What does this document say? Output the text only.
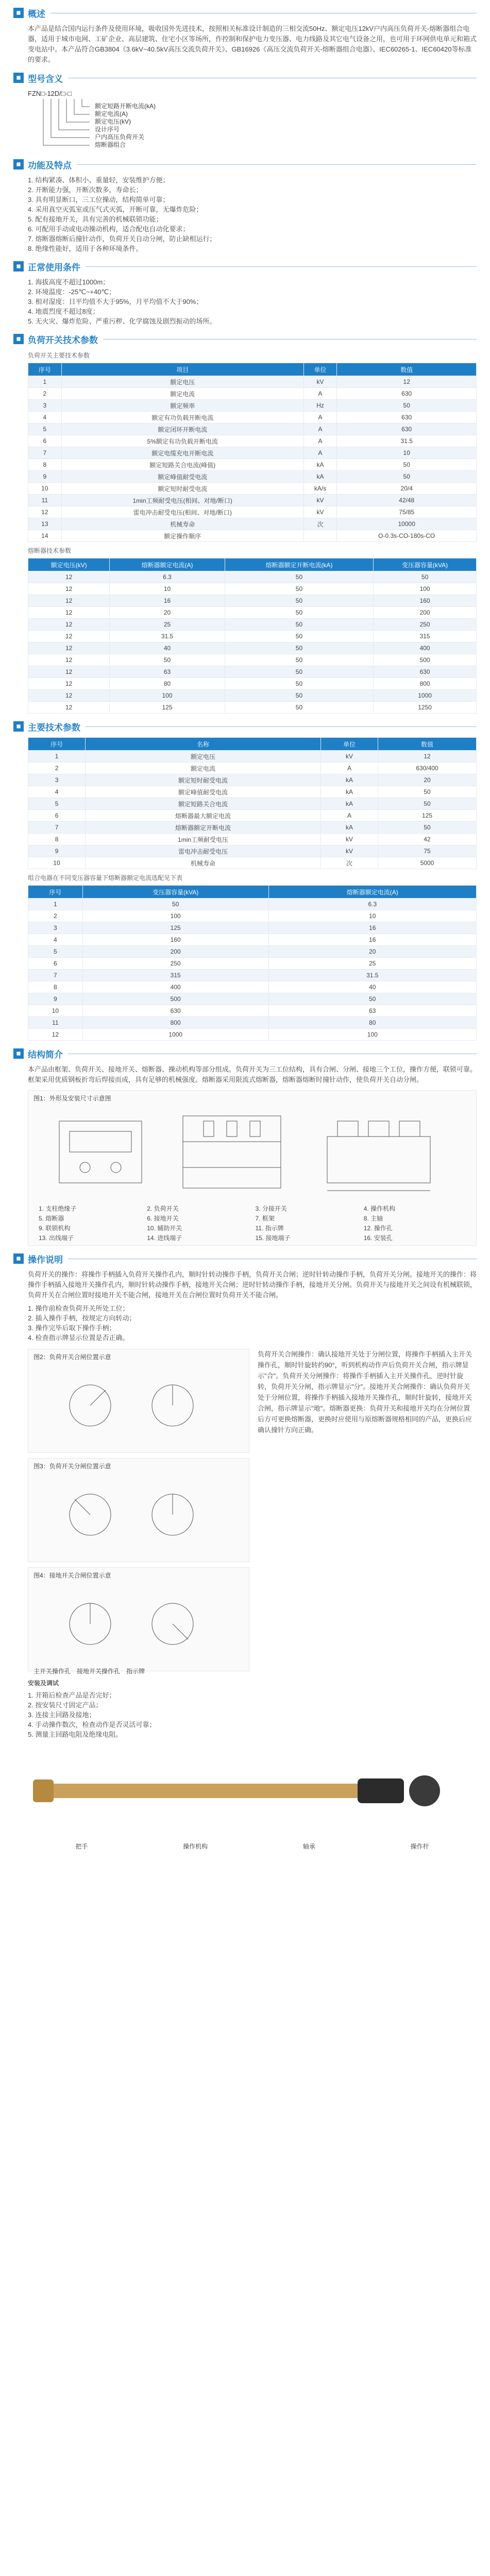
概述
本产品是结合国内运行条件及使用环境，吸收国外先进技术，按照相关标准设计制造的三相交流50Hz、额定电压12kV户内高压负荷开关-熔断器组合电器，适用于城市电网、工矿企业、高层建筑、住宅小区等场所，作控制和保护电力变压器、电力线路及其它电气设备之用，也可用于环网供电单元和箱式变电站中。本产品符合GB3804《3.6kV~40.5kV高压交流负荷开关》、GB16926《高压交流负荷开关-熔断器组合电器》、IEC60265-1、IEC60420等标准的要求。
型号含义
FZN□-12D/□-□
额定短路开断电流(kA)
额定电流(A)
额定电压(kV)
设计序号
户内高压负荷开关
熔断器组合
功能及特点
1. 结构紧凑、体积小、重量轻，安装维护方便；
2. 开断能力强，开断次数多，寿命长；
3. 具有明显断口，三工位操动，结构简单可靠；
4. 采用真空灭弧室或压气式灭弧，开断可靠，无爆炸危险；
5. 配有接地开关，具有完善的机械联锁功能；
6. 可配用手动或电动操动机构，适合配电自动化要求；
7. 熔断器熔断后撞针动作，负荷开关自动分闸，防止缺相运行；
8. 绝缘性能好，适用于各种环境条件。
正常使用条件
1. 海拔高度不超过1000m；
2. 环境温度：-25℃~+40℃；
3. 相对湿度：日平均值不大于95%，月平均值不大于90%；
4. 地震烈度不超过8度；
5. 无火灾、爆炸危险、严重污秽、化学腐蚀及剧烈振动的场所。
负荷开关技术参数
负荷开关主要技术参数
序号	项目	单位	数值
1	额定电压	kV	12
2	额定电流	A	630
3	额定频率	Hz	50
4	额定有功负载开断电流	A	630
5	额定闭环开断电流	A	630
6	5%额定有功负载开断电流	A	31.5
7	额定电缆充电开断电流	A	10
8	额定短路关合电流(峰值)	kA	50
9	额定峰值耐受电流	kA	50
10	额定短时耐受电流	kA/s	20/4
11	1min工频耐受电压(相间、对地/断口)	kV	42/48
12	雷电冲击耐受电压(相间、对地/断口)	kV	75/85
13	机械寿命	次	10000
14	额定操作顺序		O-0.3s-CO-180s-CO
熔断器技术参数
额定电压(kV)	熔断器额定电流(A)	熔断器额定开断电流(kA)	变压器容量(kVA)
12	6.3	50	50
12	10	50	100
12	16	50	160
12	20	50	200
12	25	50	250
12	31.5	50	315
12	40	50	400
12	50	50	500
12	63	50	630
12	80	50	800
12	100	50	1000
12	125	50	1250
主要技术参数
序号	名称	单位	数值
1	额定电压	kV	12
2	额定电流	A	630/400
3	额定短时耐受电流	kA	20
4	额定峰值耐受电流	kA	50
5	额定短路关合电流	kA	50
6	熔断器最大额定电流	A	125
7	熔断器额定开断电流	kA	50
8	1min工频耐受电压	kV	42
9	雷电冲击耐受电压	kV	75
10	机械寿命	次	5000
组合电器在不同变压器容量下熔断器额定电流选配见下表
序号	变压器容量(kVA)	熔断器额定电流(A)
1	50	6.3
2	100	10
3	125	16
4	160	16
5	200	20
6	250	25
7	315	31.5
8	400	40
9	500	50
10	630	63
11	800	80
12	1000	100
结构简介
本产品由框架、负荷开关、接地开关、熔断器、操动机构等部分组成。负荷开关为三工位结构，具有合闸、分闸、接地三个工位，操作方便，联锁可靠。框架采用优质钢板折弯后焊接而成，具有足够的机械强度。熔断器采用限流式熔断器，熔断器熔断时撞针动作，使负荷开关自动分闸。
图1：外形及安装尺寸示意图
1. 支柱绝缘子	2. 负荷开关	3. 分接开关	4. 操作机构
5. 熔断器	6. 接地开关	7. 框架	8. 主轴
9. 联锁机构	10. 辅助开关	11. 指示牌	12. 操作孔
13. 出线端子	14. 进线端子	15. 接地端子	16. 安装孔
操作说明
负荷开关的操作：将操作手柄插入负荷开关操作孔内，顺时针转动操作手柄，负荷开关合闸；逆时针转动操作手柄，负荷开关分闸。接地开关的操作：将操作手柄插入接地开关操作孔内，顺时针转动操作手柄，接地开关合闸；逆时针转动操作手柄，接地开关分闸。负荷开关与接地开关之间设有机械联锁，负荷开关在合闸位置时接地开关不能合闸，接地开关在合闸位置时负荷开关不能合闸。
1. 操作前检查负荷开关所处工位；
2. 插入操作手柄，按规定方向转动；
3. 操作完毕后取下操作手柄；
4. 检查指示牌显示位置是否正确。
图2：负荷开关合闸位置示意
图3：负荷开关分闸位置示意
图4：接地开关合闸位置示意
主开关操作孔　 接地开关操作孔　 指示牌
负荷开关合闸操作：确认接地开关处于分闸位置，将操作手柄插入主开关操作孔，顺时针旋转约90°，听到机构动作声后负荷开关合闸，指示牌显示"合"。负荷开关分闸操作：将操作手柄插入主开关操作孔，逆时针旋转，负荷开关分闸，指示牌显示"分"。接地开关合闸操作：确认负荷开关处于分闸位置，将操作手柄插入接地开关操作孔，顺时针旋转，接地开关合闸，指示牌显示"地"。熔断器更换：负荷开关和接地开关均在分闸位置后方可更换熔断器，更换时应使用与原熔断器规格相同的产品，更换后应确认撞针方向正确。
安装及调试
1. 开箱后检查产品是否完好；
2. 按安装尺寸固定产品；
3. 连接主回路及接地；
4. 手动操作数次，检查动作是否灵活可靠；
5. 测量主回路电阻及绝缘电阻。
把手	操作机构	轴承	操作杆
